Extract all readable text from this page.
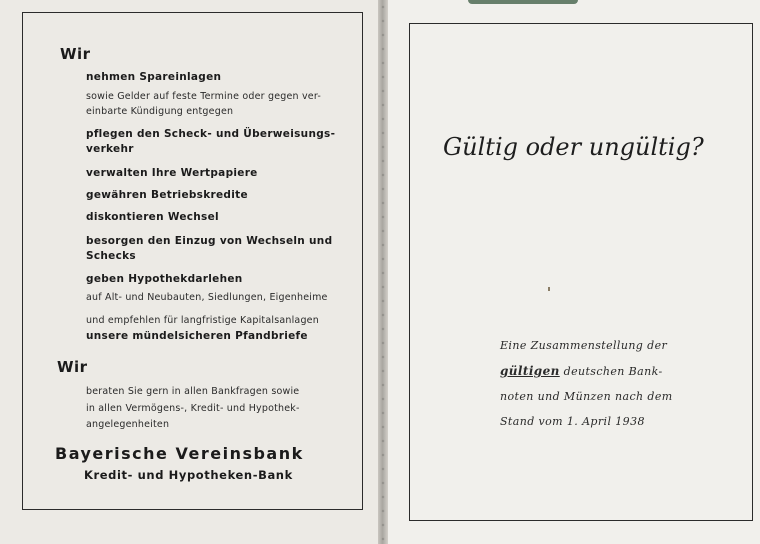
Wir
nehmen Spareinlagen
sowie Gelder auf feste Termine oder gegen ver-
einbarte Kündigung entgegen
pflegen den Scheck- und Überweisungs-
verkehr
verwalten Ihre Wertpapiere
gewähren Betriebskredite
diskontieren Wechsel
besorgen den Einzug von Wechseln und
Schecks
geben Hypothekdarlehen
auf Alt- und Neubauten, Siedlungen, Eigenheime
und empfehlen für langfristige Kapitalsanlagen
unsere mündelsicheren Pfandbriefe
Wir
beraten Sie gern in allen Bankfragen sowie
in allen Vermögens-, Kredit- und Hypothek-
angelegenheiten
Bayerische Vereinsbank
Kredit- und Hypotheken-Bank
Gültig oder ungültig?
Eine Zusammenstellung der
gültigen deutschen Bank-
noten und Münzen nach dem
Stand vom 1. April 1938
